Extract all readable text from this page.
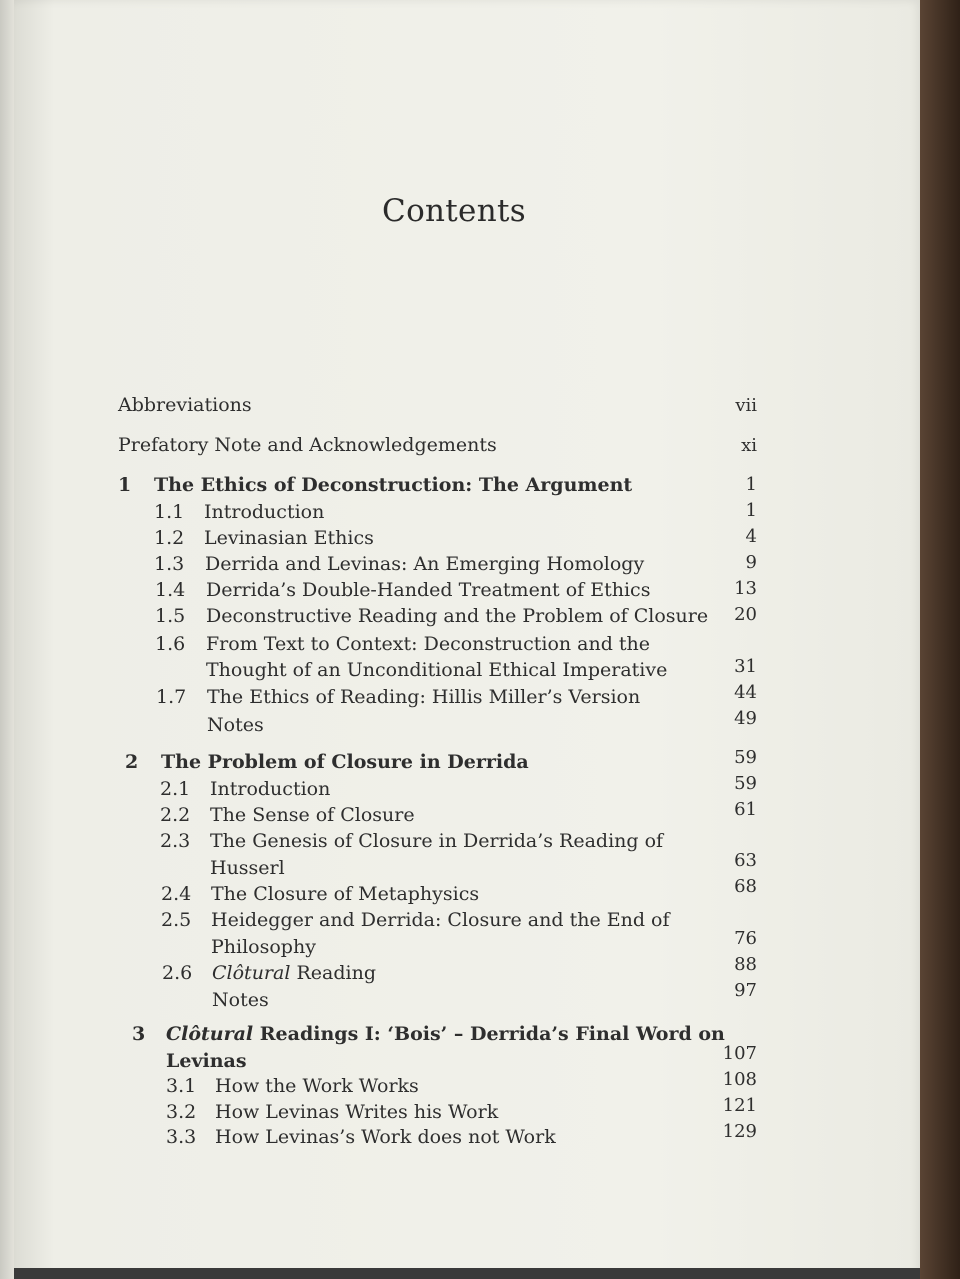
Contents
Abbreviations	vii
Prefatory Note and Acknowledgements	xi
1 The Ethics of Deconstruction: The Argument	1
1.1 Introduction	1
1.2 Levinasian Ethics	4
1.3 Derrida and Levinas: An Emerging Homology	9
1.4 Derrida’s Double-Handed Treatment of Ethics	13
1.5 Deconstructive Reading and the Problem of Closure	20
1.6 From Text to Context: Deconstruction and the
Thought of an Unconditional Ethical Imperative	31
1.7 The Ethics of Reading: Hillis Miller’s Version	44
Notes	49
2 The Problem of Closure in Derrida	59
2.1 Introduction	59
2.2 The Sense of Closure	61
2.3 The Genesis of Closure in Derrida’s Reading of
Husserl	63
2.4 The Closure of Metaphysics	68
2.5 Heidegger and Derrida: Closure and the End of
Philosophy	76
2.6 Clôtural Reading	88
Notes	97
3 Clôtural Readings I: ‘Bois’ – Derrida’s Final Word on
Levinas	107
3.1 How the Work Works	108
3.2 How Levinas Writes his Work	121
3.3 How Levinas’s Work does not Work	129
